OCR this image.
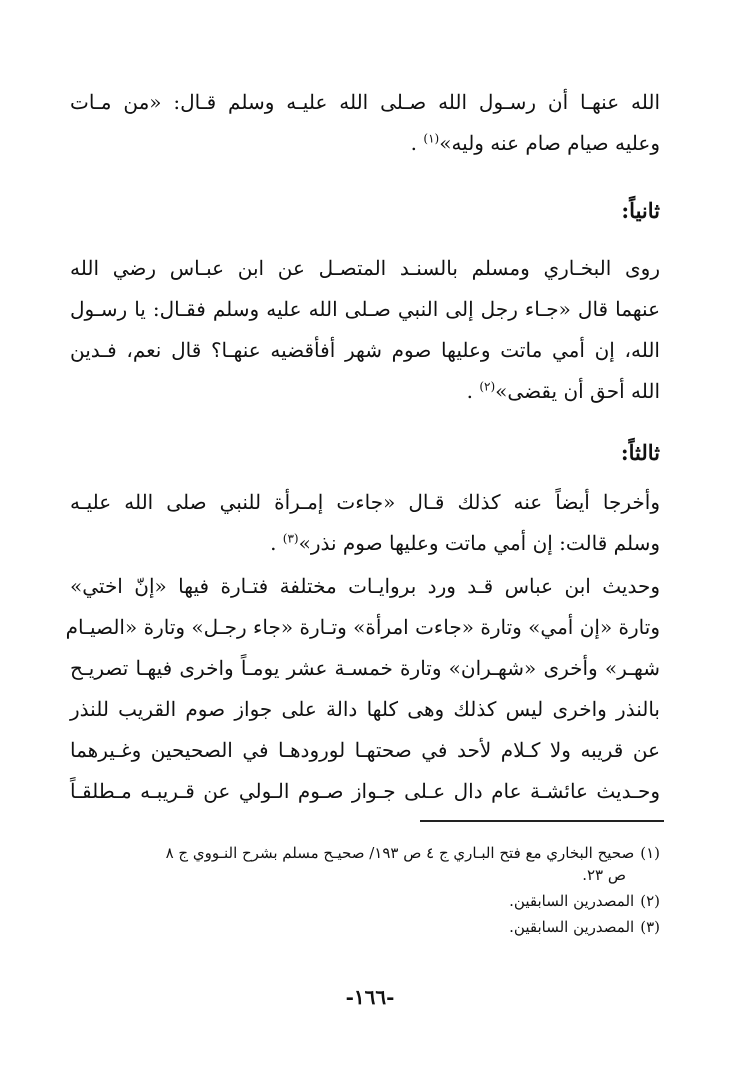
الله عنهـا أن رسـول الله صـلى الله عليـه وسلم قـال: «من مـات
وعليه صيام صام عنه وليه»$^{(١)}$ .

ثانياً:

روى البخـاري ومسلم بالسنـد المتصـل عن ابن عبـاس رضي الله
عنهما قال «جـاء رجل إلى النبي صـلى الله عليه وسلم فقـال: يا رسـول
الله، إن أمي ماتت وعليها صوم شهر أفأقضيه عنهـا؟ قال نعم، فـدين
الله أحق أن يقضى»$^{(٢)}$ .

ثالثاً:

وأخرجا أيضاً عنه كذلك قـال «جاءت إمـرأة للنبي صلى الله عليـه
وسلم قالت: إن أمي ماتت وعليها صوم نذر»$^{(٣)}$ .

وحديث ابن عباس قـد ورد بروايـات مختلفة فتـارة فيها «إنّ اختي»
وتارة «إن أمي» وتارة «جاءت امرأة» وتـارة «جاء رجـل» وتارة «الصيـام
شهـر» وأخرى «شهـران» وتارة خمسـة عشر يومـاً واخرى فيهـا تصريـح
بالنذر واخرى ليس كذلك وهى كلها دالة على جواز صوم القريب للنذر
عن قريبه ولا كـلام لأحد في صحتهـا لورودهـا في الصحيحين وغـيرهما
وحـديث عائشـة عام دال عـلى جـواز صـوم الـولي عن قـريبـه مـطلقـاً

(١)صحيح البخاري مع فتح البـاري ج ٤ ص ١٩٣/ صحيـح مسلم بشرح النـووي ج ٨
ص ٢٣.
(٢)المصدرين السابقين.
(٣)المصدرين السابقين.
-١٦٦-
